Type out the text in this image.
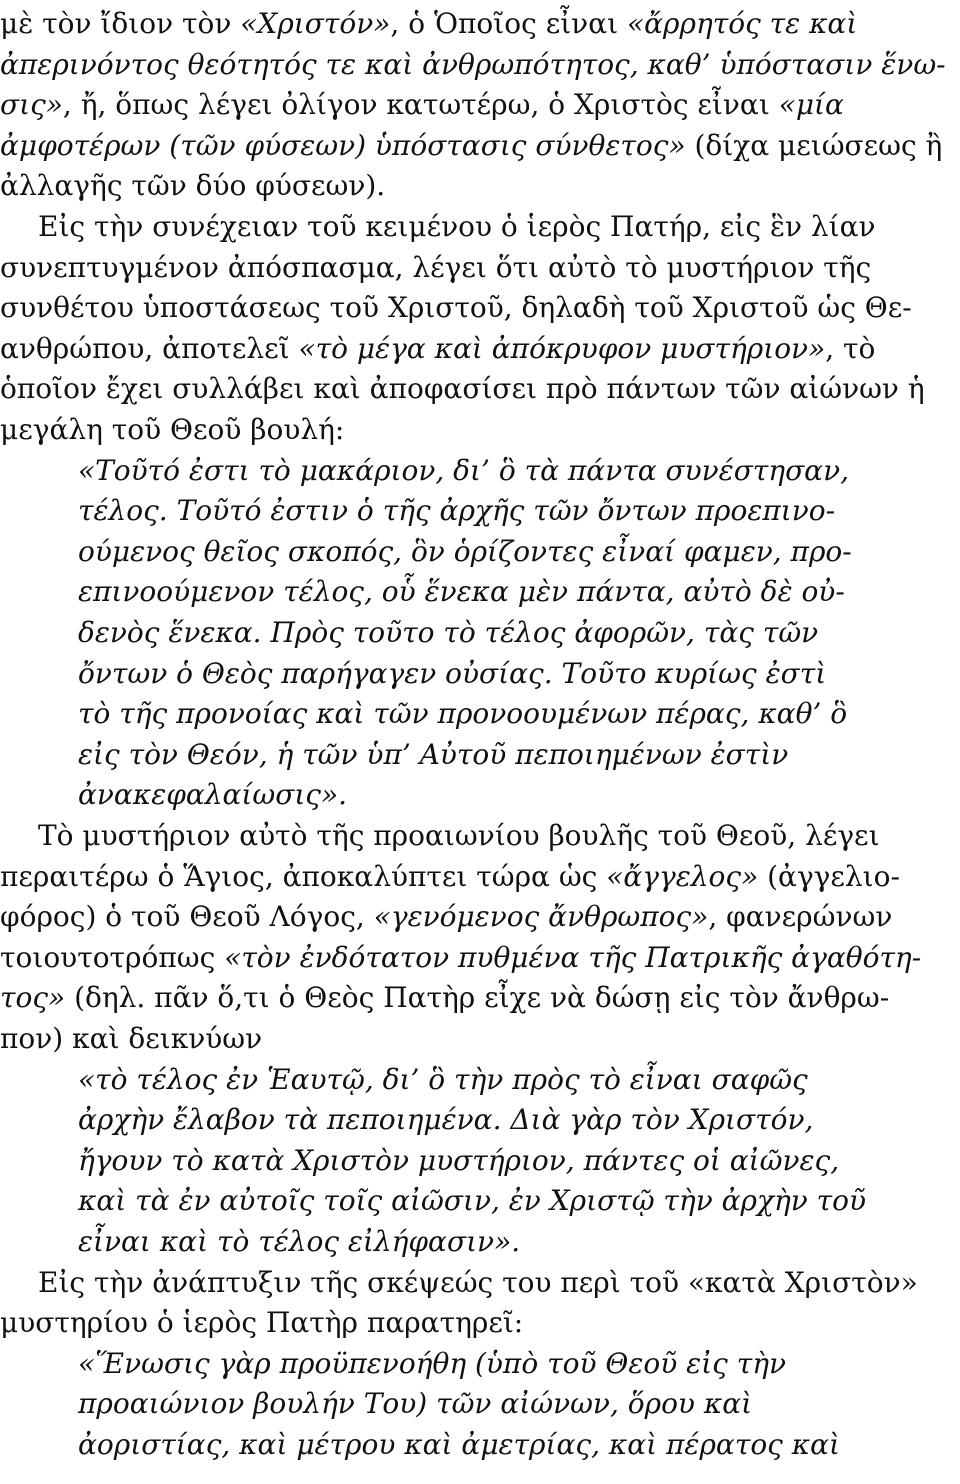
μὲ τὸν ἴδιον τὸν «Χριστόν», ὁ Ὁποῖος εἶναι «ἄρρητός τε καὶ
ἀπερινόντος θεότητός τε καὶ ἀνθρωπότητος, καθ’ ὑπόστασιν ἕνω-
σις», ἤ, ὅπως λέγει ὀλίγον κατωτέρω, ὁ Χριστὸς εἶναι «μία
ἀμφοτέρων (τῶν φύσεων) ὑπόστασις σύνθετος» (δίχα μειώσεως ἢ
ἀλλαγῆς τῶν δύο φύσεων).
Εἰς τὴν συνέχειαν τοῦ κειμένου ὁ ἱερὸς Πατήρ, εἰς ἓν λίαν
συνεπτυγμένον ἀπόσπασμα, λέγει ὅτι αὐτὸ τὸ μυστήριον τῆς
συνθέτου ὑποστάσεως τοῦ Χριστοῦ, δηλαδὴ τοῦ Χριστοῦ ὡς Θε-
ανθρώπου, ἀποτελεῖ «τὸ μέγα καὶ ἀπόκρυφον μυστήριον», τὸ
ὁποῖον ἔχει συλλάβει καὶ ἀποφασίσει πρὸ πάντων τῶν αἰώνων ἡ
μεγάλη τοῦ Θεοῦ βουλή:
«Τοῦτό ἐστι τὸ μακάριον, δι’ ὃ τὰ πάντα συνέστησαν,
τέλος. Τοῦτό ἐστιν ὁ τῆς ἀρχῆς τῶν ὄντων προεπινο-
ούμενος θεῖος σκοπός, ὃν ὁρίζοντες εἶναί φαμεν, προ-
επινοούμενον τέλος, οὗ ἕνεκα μὲν πάντα, αὐτὸ δὲ οὐ-
δενὸς ἕνεκα. Πρὸς τοῦτο τὸ τέλος ἀφορῶν, τὰς τῶν
ὄντων ὁ Θεὸς παρήγαγεν οὐσίας. Τοῦτο κυρίως ἐστὶ
τὸ τῆς προνοίας καὶ τῶν προνοουμένων πέρας, καθ’ ὃ
εἰς τὸν Θεόν, ἡ τῶν ὑπ’ Αὐτοῦ πεποιημένων ἐστὶν
ἀνακεφαλαίωσις».
Τὸ μυστήριον αὐτὸ τῆς προαιωνίου βουλῆς τοῦ Θεοῦ, λέγει
περαιτέρω ὁ Ἅγιος, ἀποκαλύπτει τώρα ὡς «ἄγγελος» (ἀγγελιο-
φόρος) ὁ τοῦ Θεοῦ Λόγος, «γενόμενος ἄνθρωπος», φανερώνων
τοιουτοτρόπως «τὸν ἐνδότατον πυθμένα τῆς Πατρικῆς ἀγαθότη-
τος» (δηλ. πᾶν ὅ,τι ὁ Θεὸς Πατὴρ εἶχε νὰ δώσῃ εἰς τὸν ἄνθρω-
πον) καὶ δεικνύων
«τὸ τέλος ἐν Ἑαυτῷ, δι’ ὃ τὴν πρὸς τὸ εἶναι σαφῶς
ἀρχὴν ἔλαβον τὰ πεποιημένα. Διὰ γὰρ τὸν Χριστόν,
ἤγουν τὸ κατὰ Χριστὸν μυστήριον, πάντες οἱ αἰῶνες,
καὶ τὰ ἐν αὐτοῖς τοῖς αἰῶσιν, ἐν Χριστῷ τὴν ἀρχὴν τοῦ
εἶναι καὶ τὸ τέλος εἰλήφασιν».
Εἰς τὴν ἀνάπτυξιν τῆς σκέψεώς του περὶ τοῦ «κατὰ Χριστὸν»
μυστηρίου ὁ ἱερὸς Πατὴρ παρατηρεῖ:
«Ἕνωσις γὰρ προϋπενοήθη (ὑπὸ τοῦ Θεοῦ εἰς τὴν
προαιώνιον βουλήν Του) τῶν αἰώνων, ὅρου καὶ
ἀοριστίας, καὶ μέτρου καὶ ἀμετρίας, καὶ πέρατος καὶ
